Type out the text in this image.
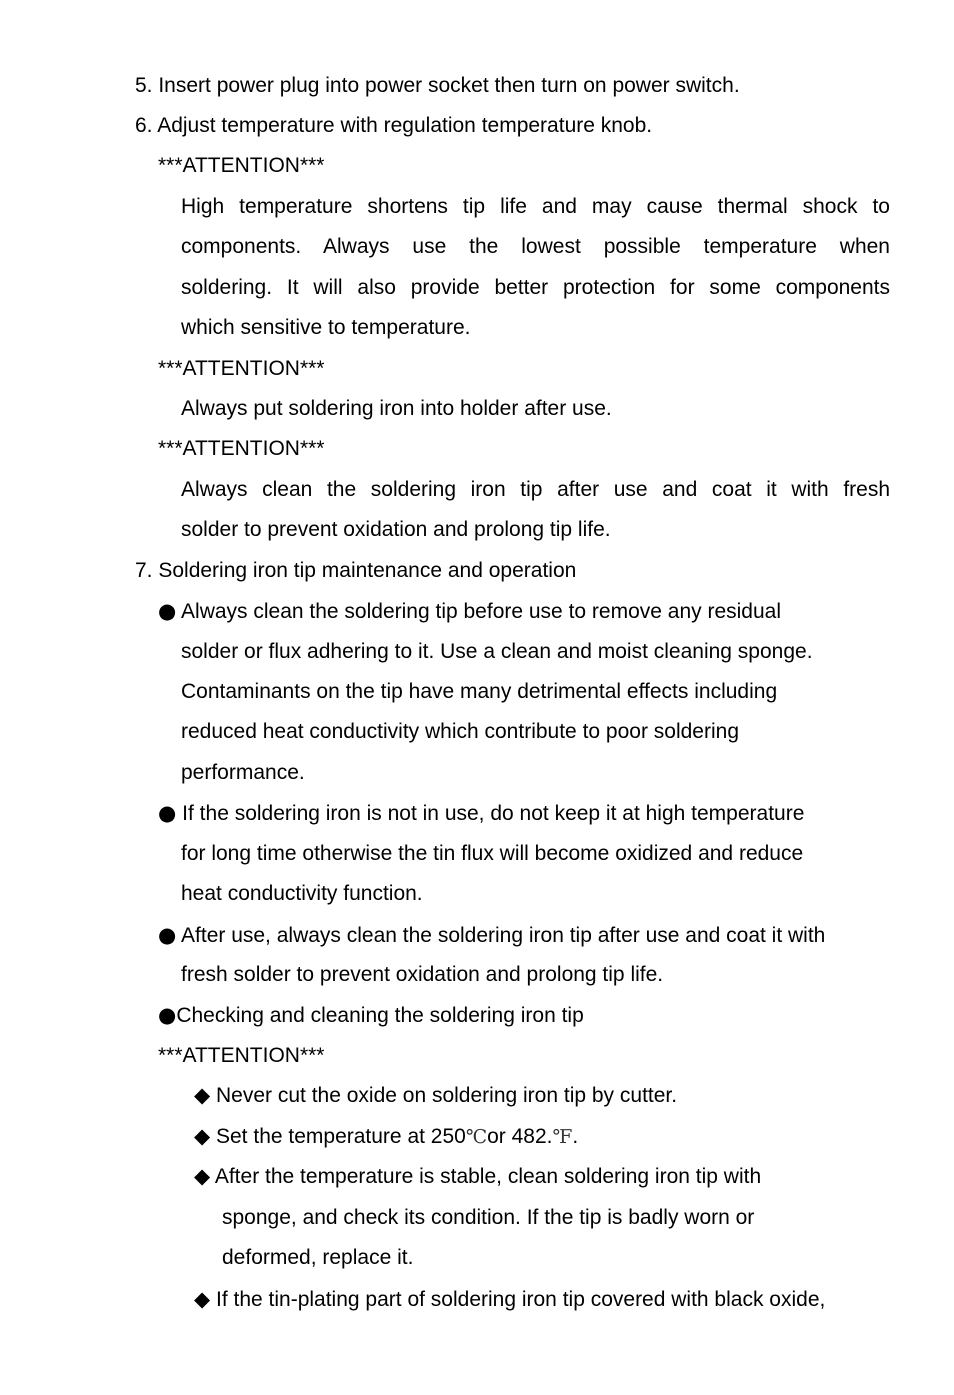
5. Insert power plug into power socket then turn on power switch.
6. Adjust temperature with regulation temperature knob.
***ATTENTION***
High temperature shortens tip life and may cause thermal shock to
components. Always use the lowest possible temperature when
soldering. It will also provide better protection for some components
which sensitive to temperature.
***ATTENTION***
Always put soldering iron into holder after use.
***ATTENTION***
Always clean the soldering iron tip after use and coat it with fresh
solder to prevent oxidation and prolong tip life.
7. Soldering iron tip maintenance and operation
● Always clean the soldering tip before use to remove any residual
solder or flux adhering to it. Use a clean and moist cleaning sponge.
Contaminants on the tip have many detrimental effects including
reduced heat conductivity which contribute to poor soldering
performance.
● If the soldering iron is not in use, do not keep it at high temperature
for long time otherwise the tin flux will become oxidized and reduce
heat conductivity function.
● After use, always clean the soldering iron tip after use and coat it with
fresh solder to prevent oxidation and prolong tip life.
●Checking and cleaning the soldering iron tip
***ATTENTION***
◆ Never cut the oxide on soldering iron tip by cutter.
◆ Set the temperature at 250℃or 482.℉.
◆ After the temperature is stable, clean soldering iron tip with
sponge, and check its condition. If the tip is badly worn or
deformed, replace it.
◆ If the tin-plating part of soldering iron tip covered with black oxide,
